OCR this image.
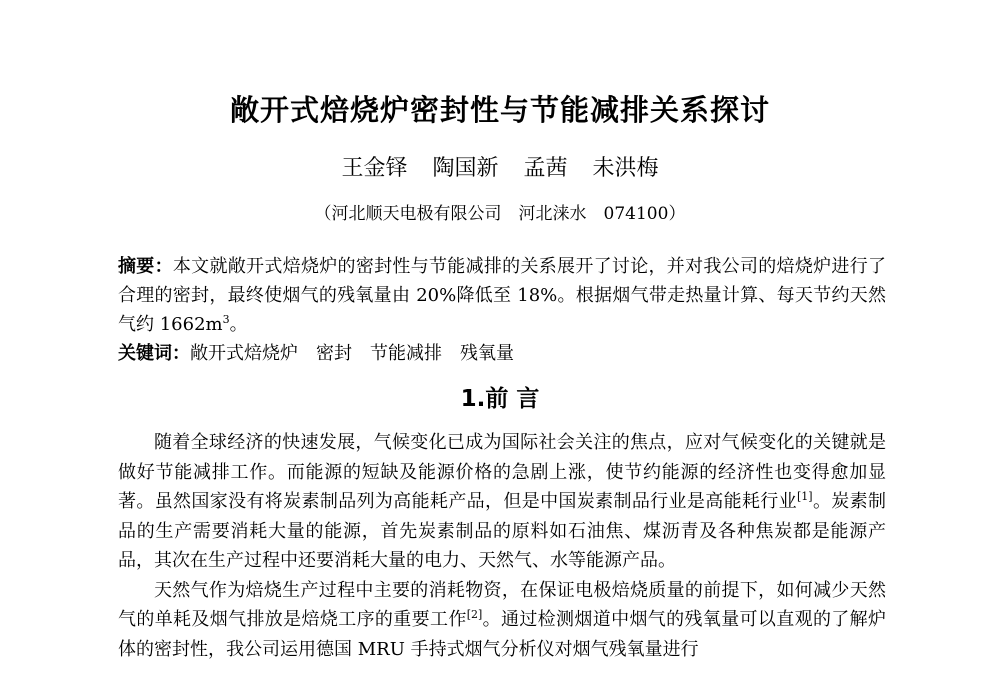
敞开式焙烧炉密封性与节能减排关系探讨
王金铎 陶国新 孟茜 未洪梅
（河北顺天电极有限公司　河北涞水　074100）
摘要：本文就敞开式焙烧炉的密封性与节能减排的关系展开了讨论，并对我公司的焙烧炉进行了合理的密封，最终使烟气的残氧量由 20%降低至 18%。根据烟气带走热量计算、每天节约天然气约 $1662m^3$。
关键词：敞开式焙烧炉 密封 节能减排 残氧量
1.前 言

随着全球经济的快速发展，气候变化已成为国际社会关注的焦点，应对气候变化的关键就是做好节能减排工作。而能源的短缺及能源价格的急剧上涨，使节约能源的经济性也变得愈加显著。虽然国家没有将炭素制品列为高能耗产品，但是中国炭素制品行业是高能耗行业[1]。炭素制品的生产需要消耗大量的能源，首先炭素制品的原料如石油焦、煤沥青及各种焦炭都是能源产品，其次在生产过程中还要消耗大量的电力、天然气、水等能源产品。

天然气作为焙烧生产过程中主要的消耗物资，在保证电极焙烧质量的前提下，如何减少天然气的单耗及烟气排放是焙烧工序的重要工作[2]。通过检测烟道中烟气的残氧量可以直观的了解炉体的密封性，我公司运用德国 MRU 手持式烟气分析仪对烟气残氧量进行
